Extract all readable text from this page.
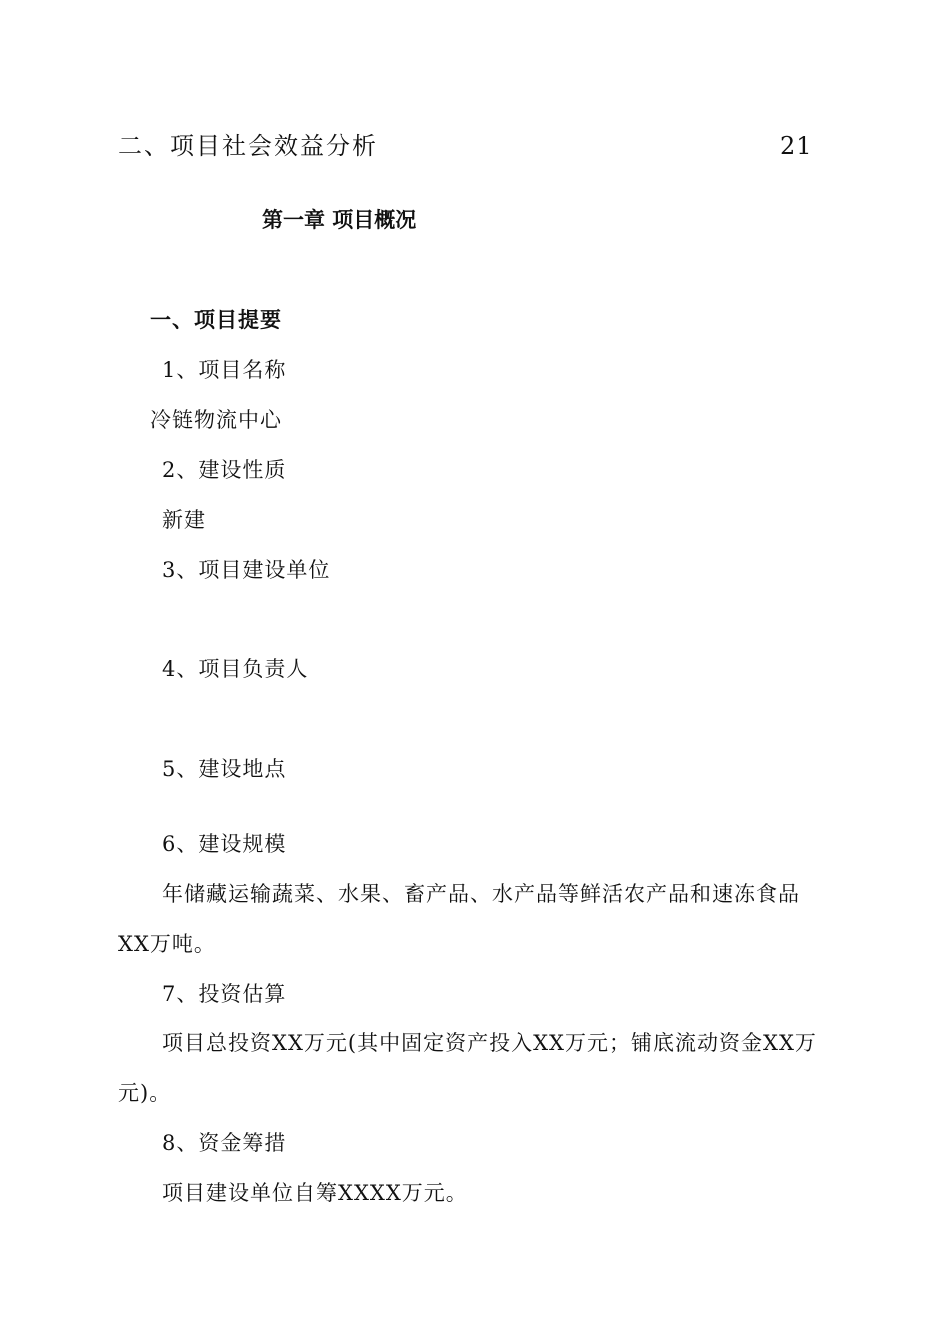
二、项目社会效益分析	21
第一章 项目概况
一、项目提要
1、项目名称
冷链物流中心
2、建设性质
新建
3、项目建设单位
4、项目负责人
5、建设地点
6、建设规模
年储藏运输蔬菜、水果、畜产品、水产品等鲜活农产品和速冻食品
XX万吨。
7、投资估算
项目总投资XX万元(其中固定资产投入XX万元；铺底流动资金XX万
元)。
8、资金筹措
项目建设单位自筹XXXX万元。
